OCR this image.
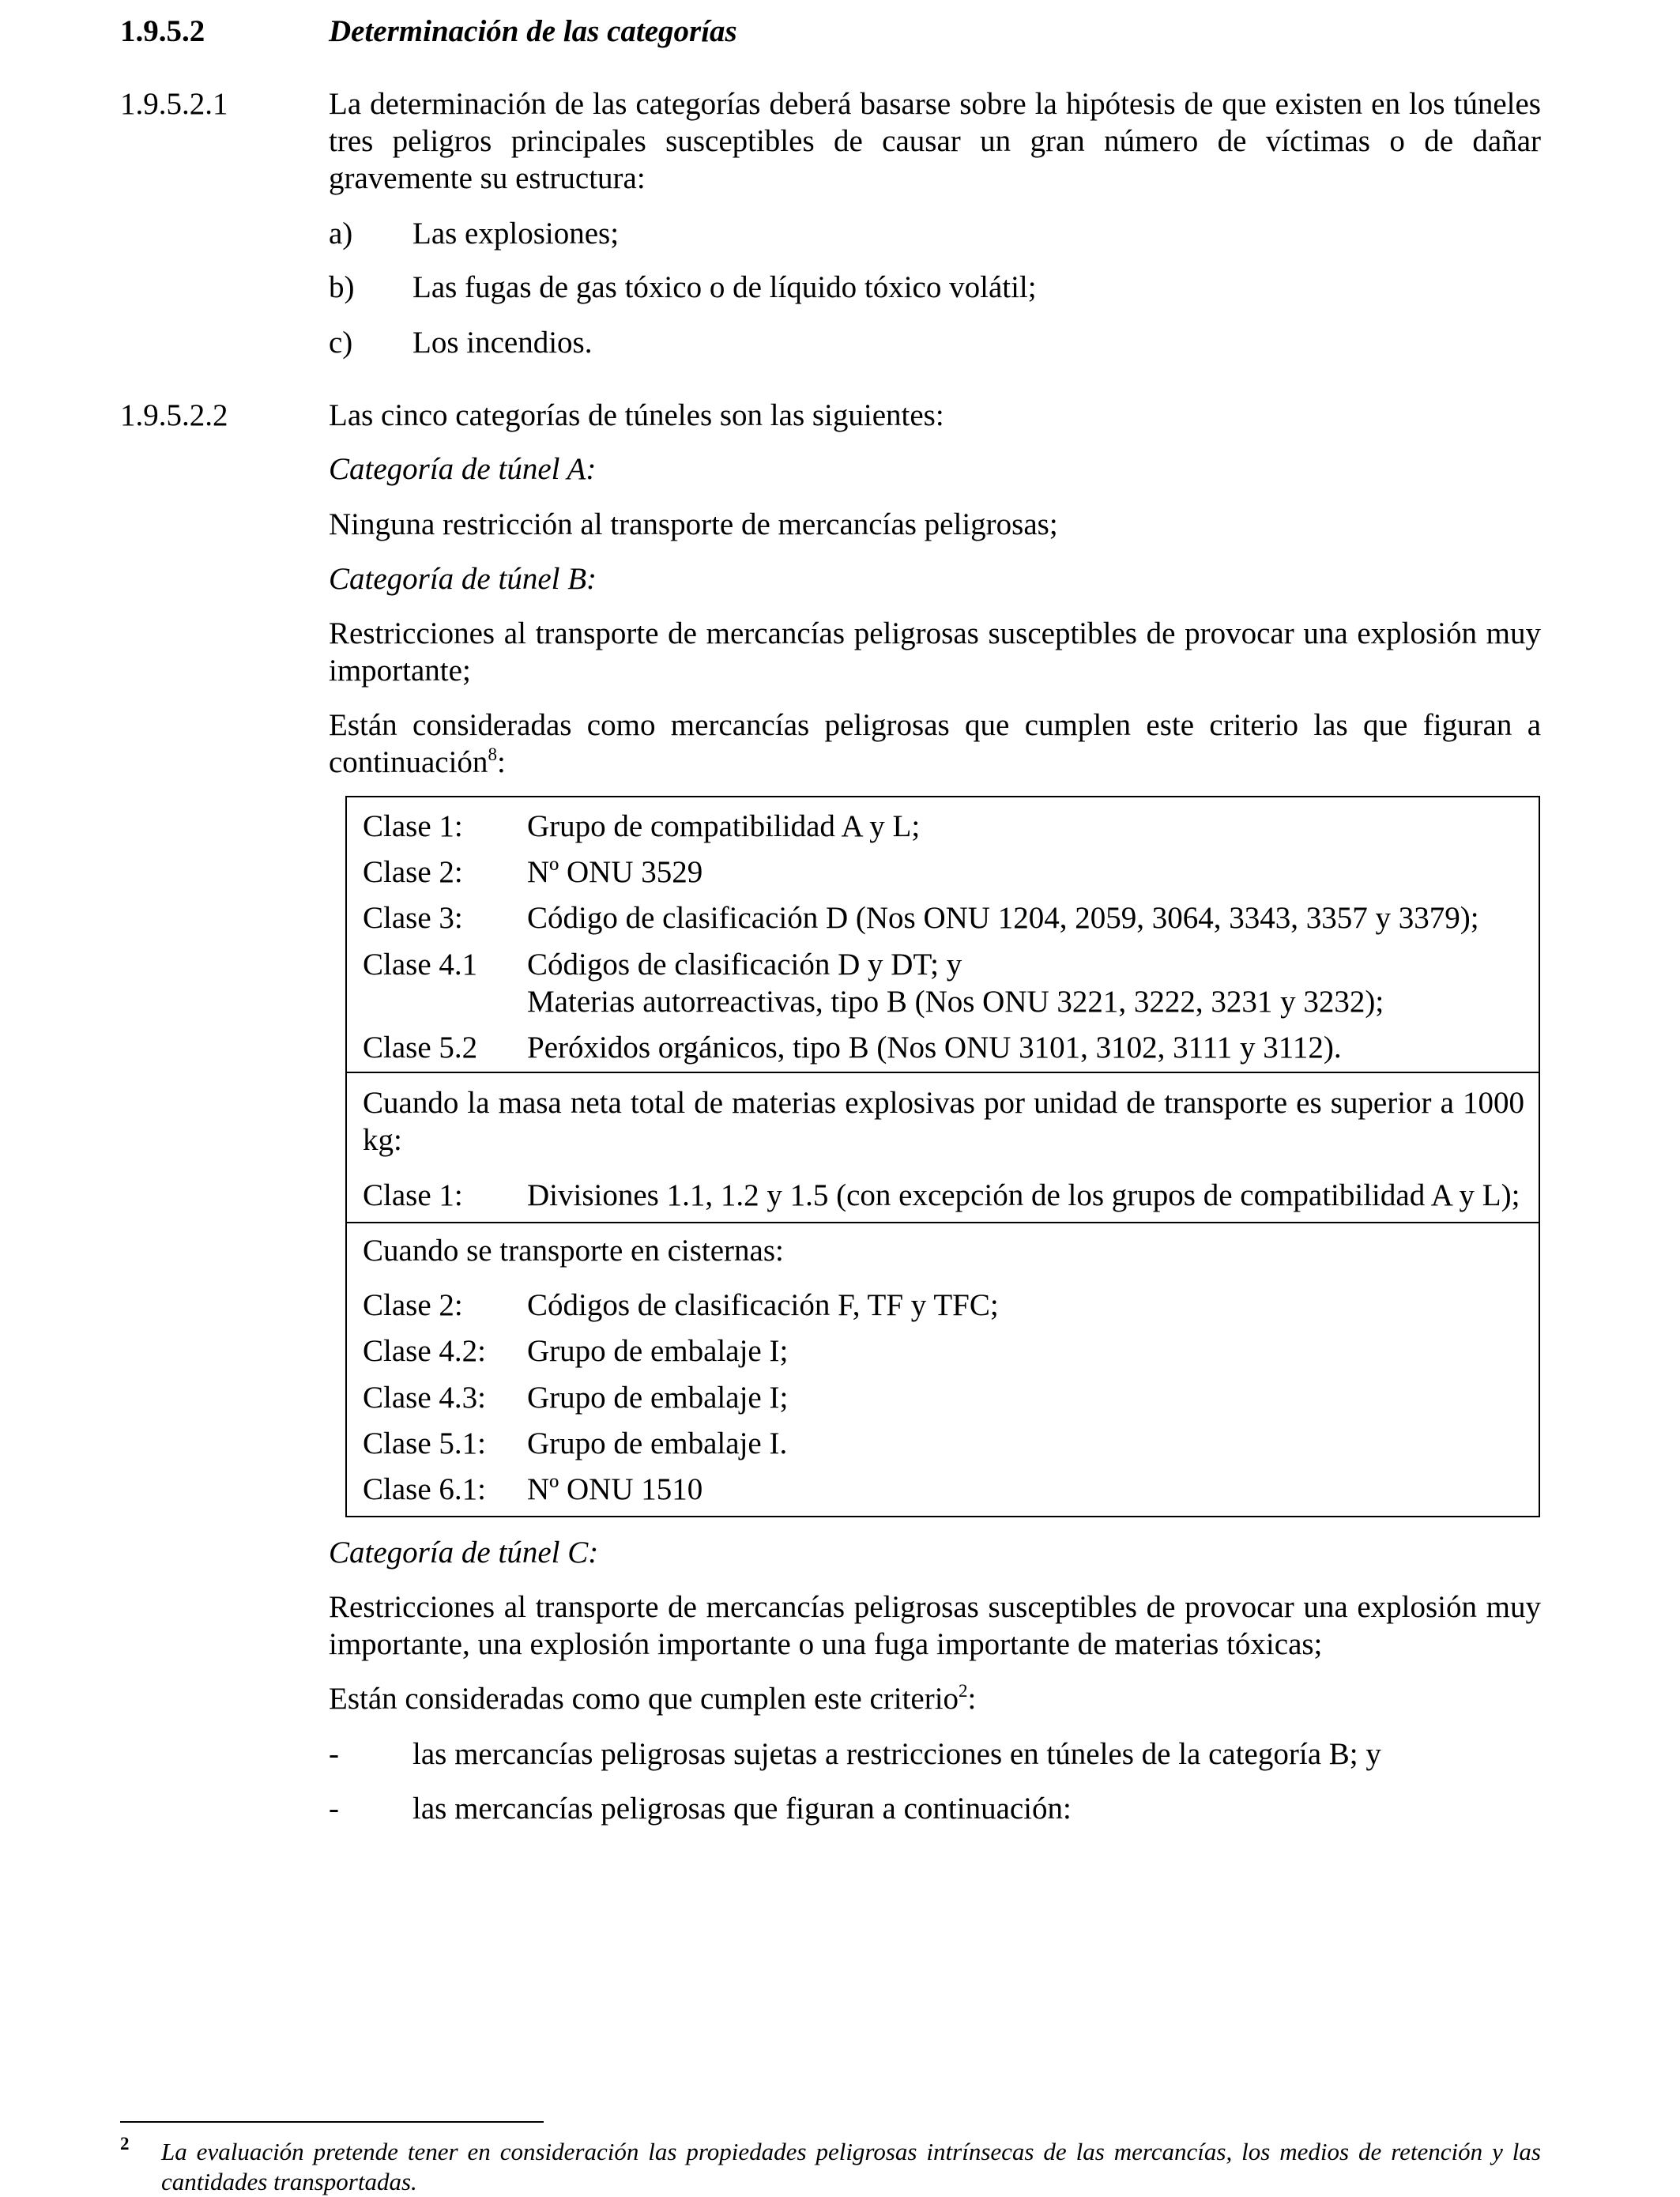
1.9.5.2	Determinación de las categorías
1.9.5.2.1	La determinación de las categorías deberá basarse sobre la hipótesis de que existen en los túneles tres peligros principales susceptibles de causar un gran número de víctimas o de dañar gravemente su estructura:
a) Las explosiones;
b) Las fugas de gas tóxico o de líquido tóxico volátil;
c) Los incendios.
1.9.5.2.2	Las cinco categorías de túneles son las siguientes:
Categoría de túnel A:
Ninguna restricción al transporte de mercancías peligrosas;
Categoría de túnel B:
Restricciones al transporte de mercancías peligrosas susceptibles de provocar una explosión muy importante;
Están consideradas como mercancías peligrosas que cumplen este criterio las que figuran a continuación$^8$:
Clase 1: Grupo de compatibilidad A y L;
Clase 2: Nº ONU 3529
Clase 3: Código de clasificación D (Nos ONU 1204, 2059, 3064, 3343, 3357 y 3379);
Clase 4.1 Códigos de clasificación D y DT; y
Materias autorreactivas, tipo B (Nos ONU 3221, 3222, 3231 y 3232);
Clase 5.2 Peróxidos orgánicos, tipo B (Nos ONU 3101, 3102, 3111 y 3112).
Cuando la masa neta total de materias explosivas por unidad de transporte es superior a 1000 kg:
Clase 1: Divisiones 1.1, 1.2 y 1.5 (con excepción de los grupos de compatibilidad A y L);
Cuando se transporte en cisternas:
Clase 2: Códigos de clasificación F, TF y TFC;
Clase 4.2: Grupo de embalaje I;
Clase 4.3: Grupo de embalaje I;
Clase 5.1: Grupo de embalaje I.
Clase 6.1: Nº ONU 1510
Categoría de túnel C:
Restricciones al transporte de mercancías peligrosas susceptibles de provocar una explosión muy importante, una explosión importante o una fuga importante de materias tóxicas;
Están consideradas como que cumplen este criterio$^2$:
- las mercancías peligrosas sujetas a restricciones en túneles de la categoría B; y
- las mercancías peligrosas que figuran a continuación:
2 La evaluación pretende tener en consideración las propiedades peligrosas intrínsecas de las mercancías, los medios de retención y las cantidades transportadas.
